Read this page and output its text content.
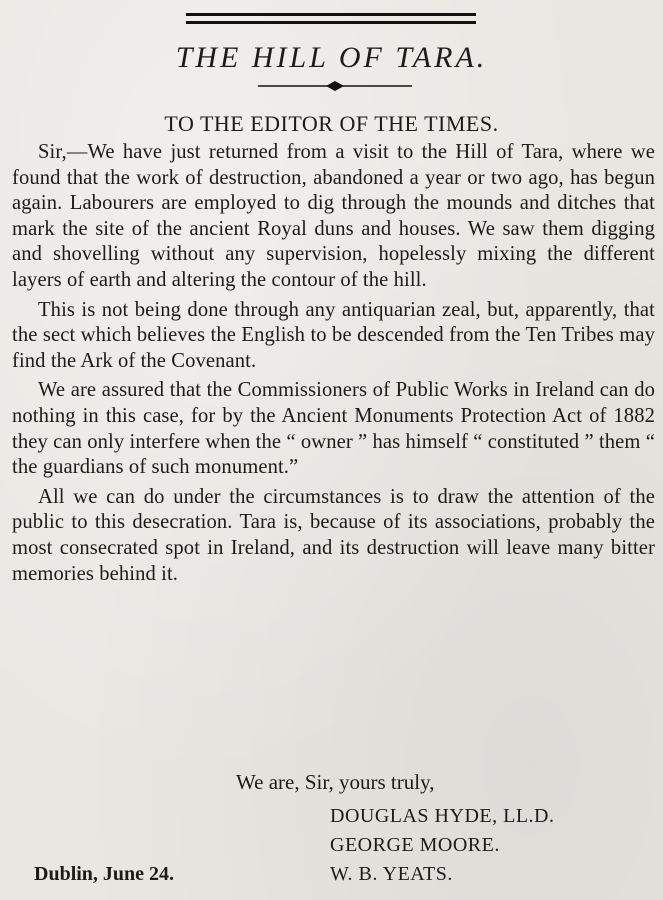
THE HILL OF TARA.
TO THE EDITOR OF THE TIMES.

Sir,—We have just returned from a visit to the Hill of Tara, where we found that the work of destruction, abandoned a year or two ago, has begun again. Labourers are employed to dig through the mounds and ditches that mark the site of the ancient Royal duns and houses. We saw them digging and shovelling without any supervision, hopelessly mixing the different layers of earth and altering the contour of the hill.

This is not being done through any antiquarian zeal, but, apparently, that the sect which believes the English to be descended from the Ten Tribes may find the Ark of the Covenant.

We are assured that the Commissioners of Public Works in Ireland can do nothing in this case, for by the Ancient Monuments Protection Act of 1882 they can only interfere when the “ owner ” has himself “ constituted ” them “ the guardians of such monument.”

All we can do under the circumstances is to draw the attention of the public to this desecration. Tara is, because of its associations, probably the most consecrated spot in Ireland, and its destruction will leave many bitter memories behind it.

We are, Sir, yours truly,
DOUGLAS HYDE, LL.D.
GEORGE MOORE.
W. B. YEATS.
Dublin, June 24.
